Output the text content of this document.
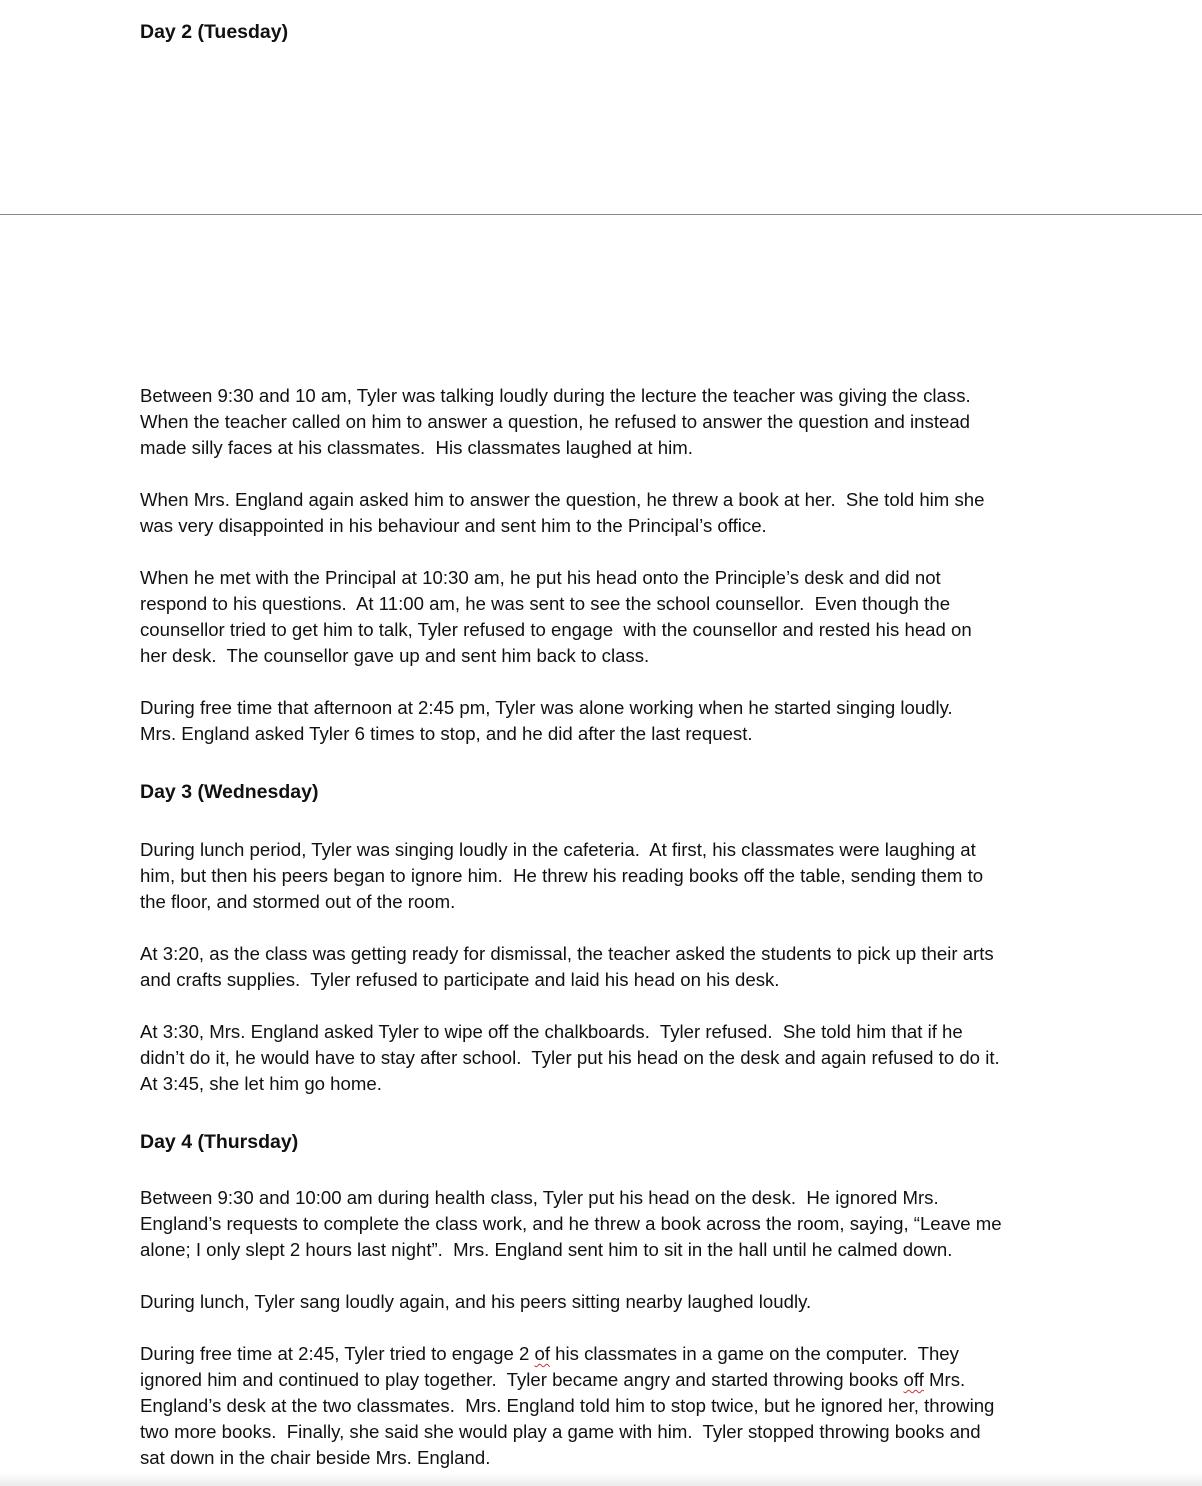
Day 2 (Tuesday)

Between 9:30 and 10 am, Tyler was talking loudly during the lecture the teacher was giving the class.
When the teacher called on him to answer a question, he refused to answer the question and instead
made silly faces at his classmates.  His classmates laughed at him.

When Mrs. England again asked him to answer the question, he threw a book at her.  She told him she
was very disappointed in his behaviour and sent him to the Principal’s office.

When he met with the Principal at 10:30 am, he put his head onto the Principle’s desk and did not
respond to his questions.  At 11:00 am, he was sent to see the school counsellor.  Even though the
counsellor tried to get him to talk, Tyler refused to engage  with the counsellor and rested his head on
her desk.  The counsellor gave up and sent him back to class.

During free time that afternoon at 2:45 pm, Tyler was alone working when he started singing loudly.
Mrs. England asked Tyler 6 times to stop, and he did after the last request.

Day 3 (Wednesday)

During lunch period, Tyler was singing loudly in the cafeteria.  At first, his classmates were laughing at
him, but then his peers began to ignore him.  He threw his reading books off the table, sending them to
the floor, and stormed out of the room.

At 3:20, as the class was getting ready for dismissal, the teacher asked the students to pick up their arts
and crafts supplies.  Tyler refused to participate and laid his head on his desk.

At 3:30, Mrs. England asked Tyler to wipe off the chalkboards.  Tyler refused.  She told him that if he
didn’t do it, he would have to stay after school.  Tyler put his head on the desk and again refused to do it.
At 3:45, she let him go home.

Day 4 (Thursday)

Between 9:30 and 10:00 am during health class, Tyler put his head on the desk.  He ignored Mrs.
England’s requests to complete the class work, and he threw a book across the room, saying, “Leave me
alone; I only slept 2 hours last night”.  Mrs. England sent him to sit in the hall until he calmed down.

During lunch, Tyler sang loudly again, and his peers sitting nearby laughed loudly.

During free time at 2:45, Tyler tried to engage 2 of his classmates in a game on the computer.  They
ignored him and continued to play together.  Tyler became angry and started throwing books off Mrs.
England’s desk at the two classmates.  Mrs. England told him to stop twice, but he ignored her, throwing
two more books.  Finally, she said she would play a game with him.  Tyler stopped throwing books and
sat down in the chair beside Mrs. England.
